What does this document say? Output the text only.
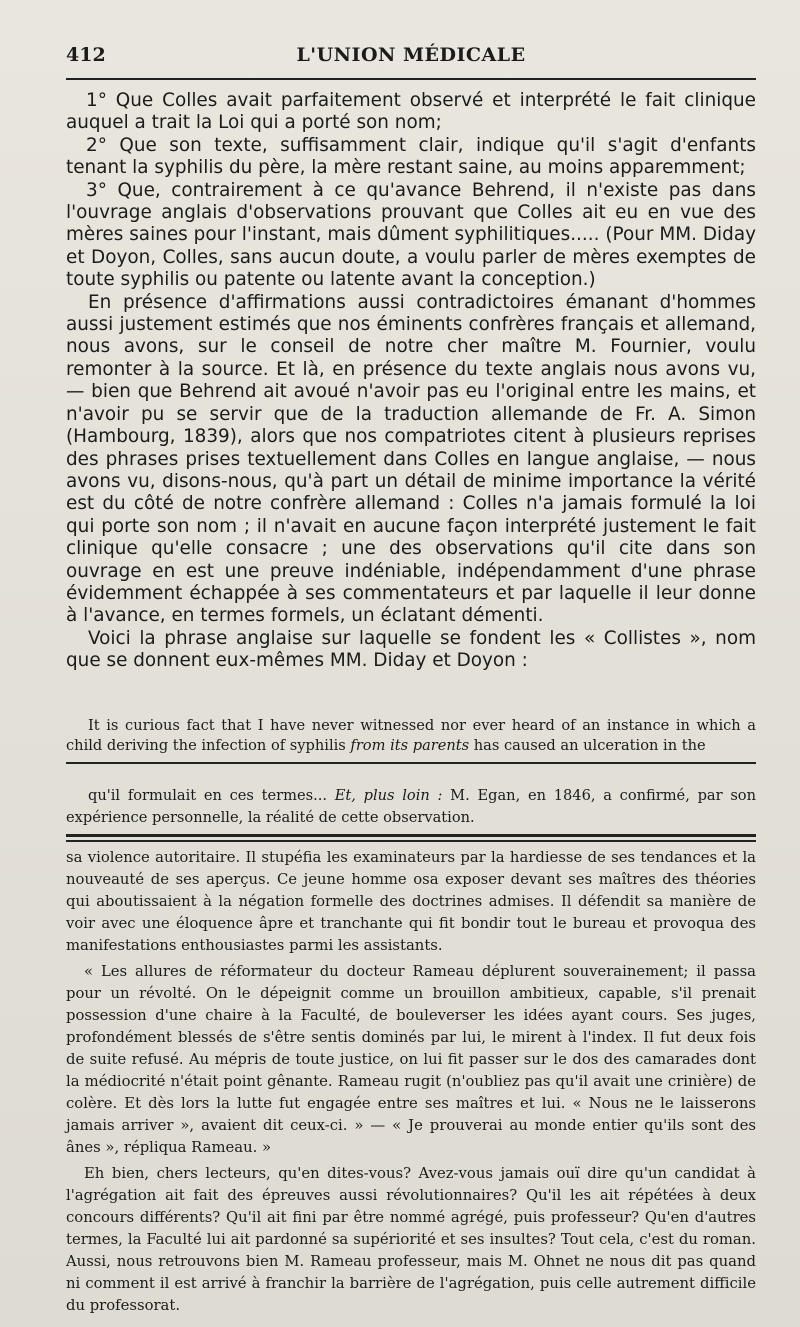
412	L'UNION MÉDICALE

1° Que Colles avait parfaitement observé et interprété le fait clinique auquel a trait la Loi qui a porté son nom;

2° Que son texte, suffisamment clair, indique qu'il s'agit d'enfants tenant la syphilis du père, la mère restant saine, au moins apparemment;

3° Que, contrairement à ce qu'avance Behrend, il n'existe pas dans l'ouvrage anglais d'observations prouvant que Colles ait eu en vue des mères saines pour l'instant, mais dûment syphilitiques..... (Pour MM. Diday et Doyon, Colles, sans aucun doute, a voulu parler de mères exemptes de toute syphilis ou patente ou latente avant la conception.)

En présence d'affirmations aussi contradictoires émanant d'hommes aussi justement estimés que nos éminents confrères français et allemand, nous avons, sur le conseil de notre cher maître M. Fournier, voulu remonter à la source. Et là, en présence du texte anglais nous avons vu, — bien que Behrend ait avoué n'avoir pas eu l'original entre les mains, et n'avoir pu se servir que de la traduction allemande de Fr. A. Simon (Hambourg, 1839), alors que nos compatriotes citent à plusieurs reprises des phrases prises textuellement dans Colles en langue anglaise, — nous avons vu, disons-nous, qu'à part un détail de minime importance la vérité est du côté de notre confrère allemand : Colles n'a jamais formulé la loi qui porte son nom ; il n'avait en aucune façon interprété justement le fait clinique qu'elle consacre ; une des observations qu'il cite dans son ouvrage en est une preuve indéniable, indépendamment d'une phrase évidemment échappée à ses commentateurs et par laquelle il leur donne à l'avance, en termes formels, un éclatant démenti.

Voici la phrase anglaise sur laquelle se fondent les « Collistes », nom que se donnent eux-mêmes MM. Diday et Doyon :

It is curious fact that I have never witnessed nor ever heard of an instance in which a child deriving the infection of syphilis from its parents has caused an ulceration in the

qu'il formulait en ces termes... Et, plus loin : M. Egan, en 1846, a confirmé, par son expérience personnelle, la réalité de cette observation.

sa violence autoritaire. Il stupéfia les examinateurs par la hardiesse de ses tendances et la nouveauté de ses aperçus. Ce jeune homme osa exposer devant ses maîtres des théories qui aboutissaient à la négation formelle des doctrines admises. Il défendit sa manière de voir avec une éloquence âpre et tranchante qui fit bondir tout le bureau et provoqua des manifestations enthousiastes parmi les assistants.

« Les allures de réformateur du docteur Rameau déplurent souverainement; il passa pour un révolté. On le dépeignit comme un brouillon ambitieux, capable, s'il prenait possession d'une chaire à la Faculté, de bouleverser les idées ayant cours. Ses juges, profondément blessés de s'être sentis dominés par lui, le mirent à l'index. Il fut deux fois de suite refusé. Au mépris de toute justice, on lui fit passer sur le dos des camarades dont la médiocrité n'était point gênante. Rameau rugit (n'oubliez pas qu'il avait une crinière) de colère. Et dès lors la lutte fut engagée entre ses maîtres et lui. « Nous ne le laisserons jamais arriver », avaient dit ceux-ci. » — « Je prouverai au monde entier qu'ils sont des ânes », répliqua Rameau. »

Eh bien, chers lecteurs, qu'en dites-vous? Avez-vous jamais ouï dire qu'un candidat à l'agrégation ait fait des épreuves aussi révolutionnaires? Qu'il les ait répétées à deux concours différents? Qu'il ait fini par être nommé agrégé, puis professeur? Qu'en d'autres termes, la Faculté lui ait pardonné sa supériorité et ses insultes? Tout cela, c'est du roman. Aussi, nous retrouvons bien M. Rameau professeur, mais M. Ohnet ne nous dit pas quand ni comment il est arrivé à franchir la barrière de l'agrégation, puis celle autrement difficile du professorat.
